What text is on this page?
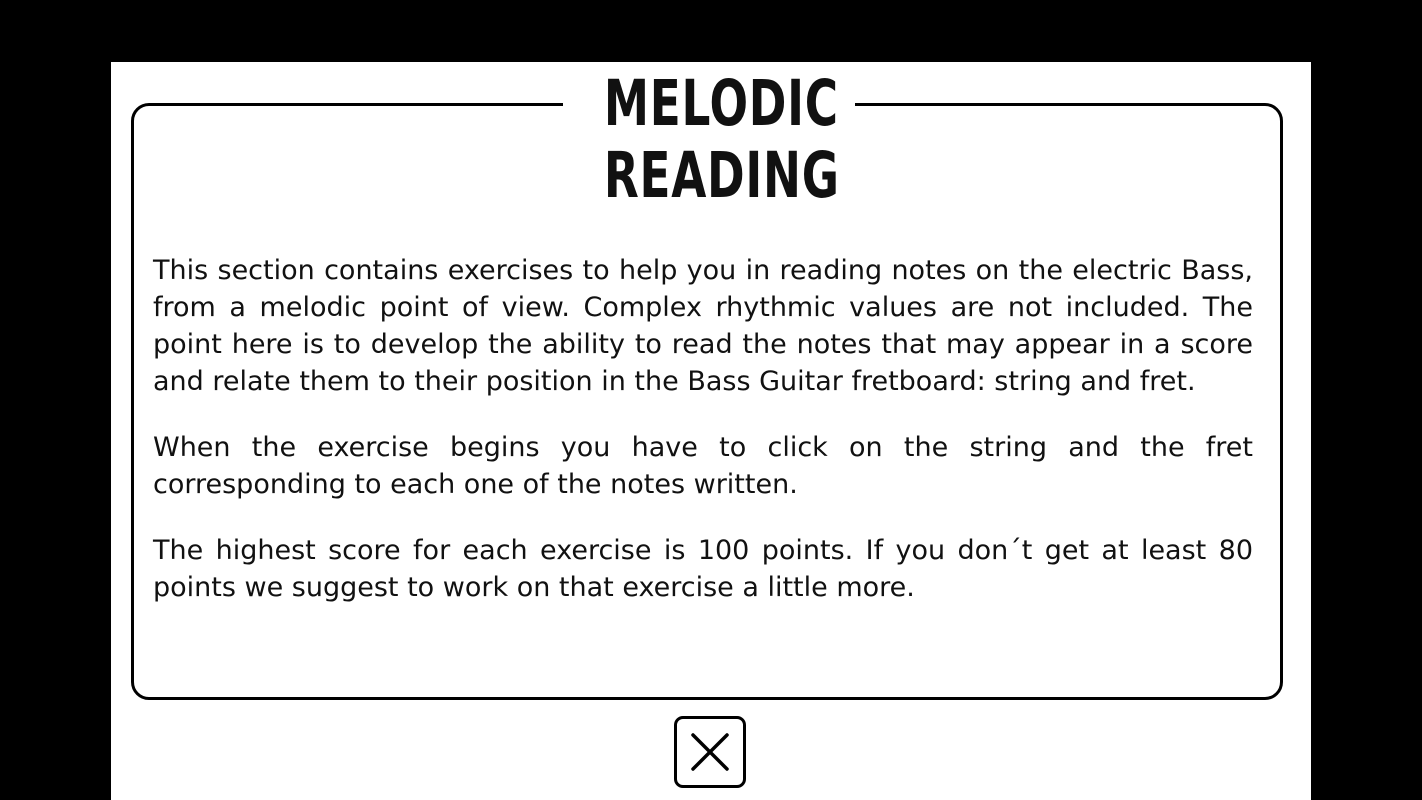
MELODIC
READING

This section contains exercises to help you in reading notes on the electric Bass, from a melodic point of view. Complex rhythmic values are not included. The point here is to develop the ability to read the notes that may appear in a score and relate them to their position in the Bass Guitar fretboard: string and fret.

When the exercise begins you have to click on the string and the fret corresponding to each one of the notes written.

The highest score for each exercise is 100 points. If you don´t get at least 80 points we suggest to work on that exercise a little more.
